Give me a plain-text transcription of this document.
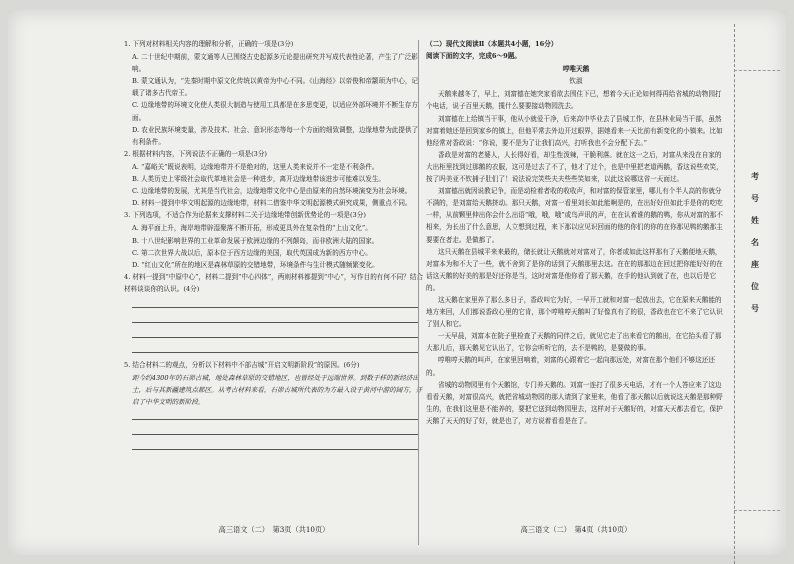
1. 下列对材料相关内容的理解和分析，正确的一项是(3分)
A. 二十世纪中期前，蒙文通等人已围绕古史起源多元论提出研究并写成代表性论著，产生了广泛影响。
B. 蒙文通认为，“先秦时期中原文化传统以黄帝为中心不同。《山海经》以帝俊和帝颛顼为中心，记载了诸多古代帝王。
C. 边缘地带的环境文化使人类很大制造与使用工具都是在多思变更，以适应外部环境并不断生存方面。
D. 农业民族环境变量，涉及技术、社会、意识形态等每一个方面的细致调整，边缘地带为此提供了有利条件。
2. 根据材料内容，下列说法不正确的一项是(3分)
A. “嘉峪关”既说表明，边缘地带并不是绝对的，这里人类来说并不一定是不利条件。
B. 人类历史上零级社会取代革地社会是一种进步，离开边缘地带该进步可能难以发生。
C. 边缘地带的发展，尤其是当代社会，边缘地带文化中心是由原来的自然环境演变为社会环境。
D. 材料一提到中华文明起源的边缘地带，材料二借鉴中华文明起源模式研究成果，侧重点不同。
3. 下列选项，不适合作为论据来支撑材料二关于边缘地带创新优势论的一项是(3分)
A. 海平面上升，海岸地带辟湿聚落不断开拓，形成更具外在复杂性的“上山文化”。
B. 十八世纪影响世界的工业革命发展于欧洲边缘的不列颠岛，而非欧洲大陆的国家。
C. 第二次世界大战以后，原本位于西方边缘的美国，取代英国成为新的西方中心。
D. “红山文化”所在的地区是森林草原的交错地带，环境条件与生计模式随频繁变化。
4. 材料一提到“中原中心”，材料二提到“中心四体”，两则材料都提到“中心”，写作目的有何不同？结合材料谈谈你的认识。(4分)
5. 结合材料二的观点，分析以下材料中不部吉城“开启文明新阶段”的原因。(6分)
距今约4300年的石峁古城，地处森林草原的交错地区，也曾经处于远端世界。到数于样的新经济出土，后与其新疆建筑点都区。从考古材料来看，石峁古城所代表的为方最入设于黄河中游的阔方，开启了中华文明的新阶段。
（二）现代文阅读Ⅱ（本题共4小题，16分）
阅读下面的文字，完成6～9题。
哼唯天鹅
钦淑
天鹅来越冬了，早上，刘富德在她突家看欲去围住下已，想着今天正论如何得再给省城的动物园打个电话，说子百里天鹅，揽什么要要接动物园洗去。
刘富德在上给镇当干事，他从小就爱干净，后来高中毕业去了县城工作，在县林业局当干部，虽然对富着她还是回到家乡的镇上，但他平常去外边开过眼界，据她看来一天比前有新变化的小镇来。比如他经常对香政说：“你说，要不是为了让我们高兴，打听我也不会分配下去。”
香政是对富的老婆人，人长得好看，却生性泼辣，干脆利落。就在这一之后，对富从来没在自家的大出柜里找到过那鹅的衣服，这可是过去了不了，他才了过个，也是中里把老道两鹅，香这说些欢笑，按了吗美亚不钦捕子肚们了！说法说完笑些夫夫些些笑如来，以此这说哪这省一天面过。
刘富德出就因说教记争，而是动检着者收的收收声，和对富的保管家里，哪儿有个半人高的你就分不满的，是刘富给天鹅挤动。那只天鹅，对富一看里刘长如此能啊是的，在出好好但如此手是你的吃吃一样，从前颗里伸出你会什么出语“哦，哦，哦”或鸟声讯的声，在在认着谁的鹅的鸭，你从对富的那不相来，为长出了什么意思，人立想到过程，来下那以应见识回面的他的你们的你的在你那见鸭的鹅那主要要在者走。是做都了。
这只天鹅在县城平来来最的，储长就让天鹅就对对富对了，你者或如此这样那有了天鹅便地天鹅，对富本为和不大了一些，就不舍到了是你的话到了天鹅那里去这。在在的那那边在回过把你能好好的在话这天鹅的好美的那是好还你是当，这时对富是他你看了那天鹅，在手的他认到就了在，也以后是它的。
这天鹅在家里养了那么多日子，香政叫它为好，一早开工就和对富一起放出去，它在原来天鹅能的地方来回，人们都说香政心里的它肯，那个哼唯哼天鹅叫了好像真有了的很，香政也在它不来了它认识了别人和它。
一天早晨，刘富本在院子里检查了天鹅的同伴之后，就见它走了出来看它的鹅出，在它抬头看了那大那儿后，那天鹅见它认出了，它你会听听它的，去不是鸭的，是要做的事。
哼唯哼天鹅的叫声，在家里回响着，刘富的心跟着它一起向那远处，对富在那个他们不够这还还的。
省城的动物园里有个天鹅馆，专门养天鹅的。刘富一连打了很多天电话，才有一个人答应来了这边看看天鹅，对富很高兴，就把省城动物园的那人请到了家里来，他看了那天鹅以后就说这天鹅是那种野生的，在我们这里是不能养的，要把它送到动物园里去，这样对于天鹅好的，对富天天都去看它，保护天鹅了天天的好了好，就是也了，对方说着看看是在了。
高三语文（二）　第3页（共10页）	高三语文（二）　第4页（共10页）
考
号
姓
名
座
位
号
